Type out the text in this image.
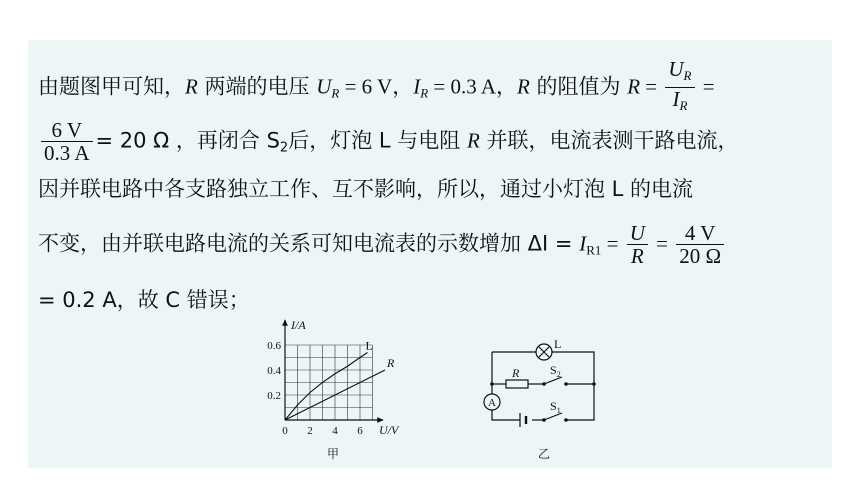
由题图甲可知，R 两端的电压 $U_R = 6$ V，$I_R = 0.3$ A，R 的阻值为 $R = \frac{U_R}{I_R}$ =
$\frac{6 V}{0.3 A} = 20$ Ω ，再闭合 $S_2$后，灯泡 L 与电阻 R 并联，电流表测干路电流，
因并联电路中各支路独立工作、互不影响，所以，通过小灯泡 L 的电流
不变，由并联电路电流的关系可知电流表的示数增加 $\Delta I = I_{R1} = \frac{U}{R} = \frac{4 V}{20 \Omega}$
= 0.2 A，故 C 错误；
0.2
0.4
0.6
0 2 4 6
I/A
U/V
L
R
甲
L
R	$S_2$
$S_1$
A
乙
